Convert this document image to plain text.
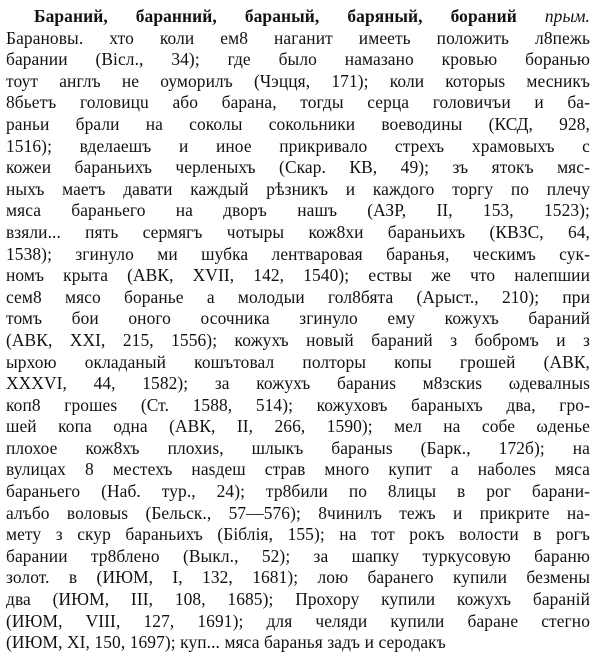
Бараний, баранний, бараный, баряный, бораний прым.
Барановы. хто коли ем8 наганит имееть положить л8пежь
барании (Вісл., 34); где было намазано кровью боранью
тоут англъ не оуморилъ (Чэцця, 171); коли которыs месникъ
8бьетъ головицu або барана, тогды серца головичъи и ба-
раньи брали на соколы сокольники воеводины (КСД, 928,
1516); вделаешъ и иное прикривало стрехъ храмовыхъ с
кожеи бараньихъ черленыхъ (Скар. КВ, 49); зъ ятокъ мяс-
ныхъ маетъ давати каждый рѣзникъ и каждого торгу по плечу
мяса бараньего на дворъ нашъ (АЗР, II, 153, 1523);
взяли... пять сермягъ чотыры кож8хи бараньихъ (КВЗС, 64,
1538); згинуло ми шубка лентваровая баранья, ческимъ сук-
номъ крыта (АВК, XVII, 142, 1540); ествы же что налепшии
сем8 мясо боранье а молодыи гол8бята (Арыст., 210); при
томъ бои оного осочника згинуло ему кожухъ бараний
(АВК, XXI, 215, 1556); кожухъ новый бараний з бобромъ и з
ырхою окладаный кошътовал полторы копы грошей (АВК,
XXXVI, 44, 1582); за кожухъ бараниs м8зскиs ωдевалныs
коп8 грошеs (Ст. 1588, 514); кожуховъ бараныхъ два, гро-
шей копа одна (АВК, II, 266, 1590); мел на собе ωденье
плохое кож8хъ плохиs, шлыкъ бараныs (Барк., 172б); на
вулицах 8 местехъ наsдеш страв много купит а наболеs мяса
бараньего (Наб. тур., 24); тр8били по 8лицы в рог барани-
алъбо воловыs (Бельск., 57—576); 8чинилъ тежъ и прикрите на-
мету з скур бараньихъ (Біблія, 155); на тот рокъ волости в рогъ
барании тр8блено (Выкл., 52); за шапку туркусовую бараню
золот. в (ИЮМ, I, 132, 1681); лою баранего купили безмены
два (ИЮМ, III, 108, 1685); Прохору купили кожухъ бараній
(ИЮМ, VIII, 127, 1691); для челяди купили баране стегно
(ИЮМ, XI, 150, 1697); куп... мяса баранья задъ и серодакъ
